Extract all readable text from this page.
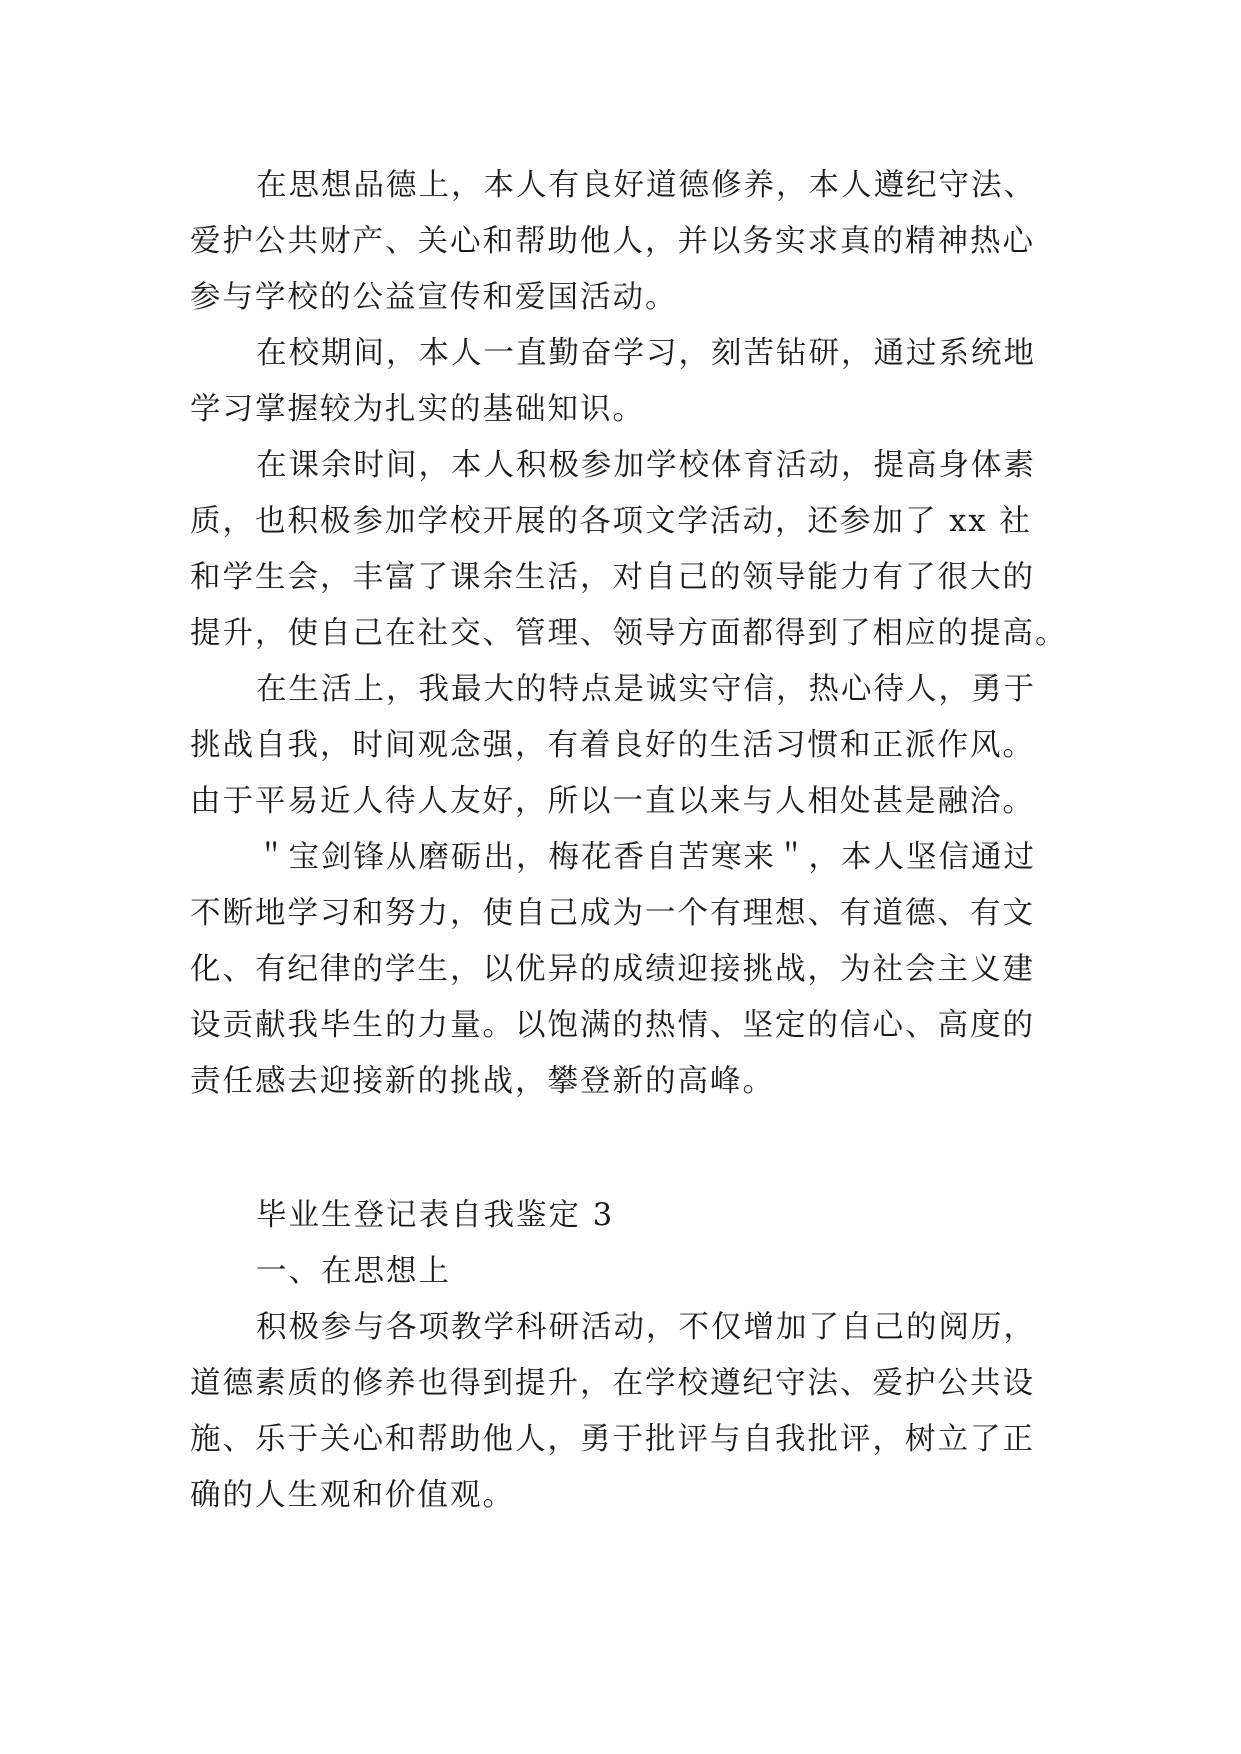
在思想品德上，本人有良好道德修养，本人遵纪守法、
爱护公共财产、关心和帮助他人，并以务实求真的精神热心
参与学校的公益宣传和爱国活动。
在校期间，本人一直勤奋学习，刻苦钻研，通过系统地
学习掌握较为扎实的基础知识。
在课余时间，本人积极参加学校体育活动，提高身体素
质，也积极参加学校开展的各项文学活动，还参加了 xx 社
和学生会，丰富了课余生活，对自己的领导能力有了很大的
提升，使自己在社交、管理、领导方面都得到了相应的提高。
在生活上，我最大的特点是诚实守信，热心待人，勇于
挑战自我，时间观念强，有着良好的生活习惯和正派作风。
由于平易近人待人友好，所以一直以来与人相处甚是融洽。
＂宝剑锋从磨砺出，梅花香自苦寒来＂，本人坚信通过
不断地学习和努力，使自己成为一个有理想、有道德、有文
化、有纪律的学生，以优异的成绩迎接挑战，为社会主义建
设贡献我毕生的力量。以饱满的热情、坚定的信心、高度的
责任感去迎接新的挑战，攀登新的高峰。
毕业生登记表自我鉴定 3
一、在思想上
积极参与各项教学科研活动，不仅增加了自己的阅历，
道德素质的修养也得到提升，在学校遵纪守法、爱护公共设
施、乐于关心和帮助他人，勇于批评与自我批评，树立了正
确的人生观和价值观。
